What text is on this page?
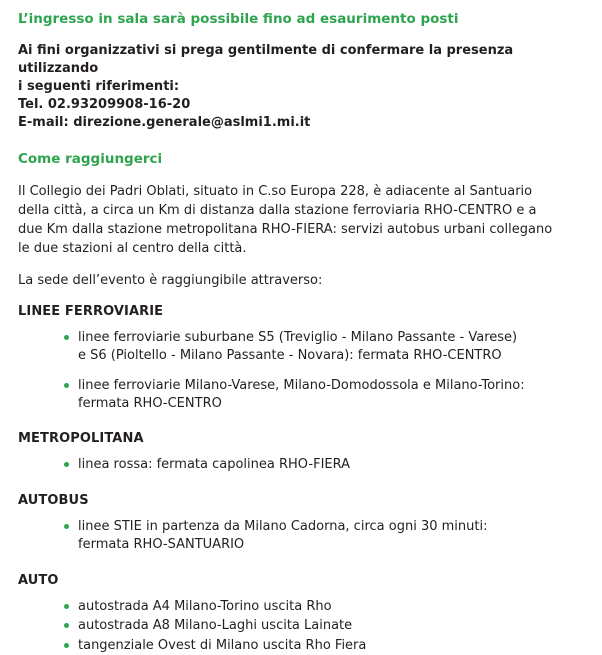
L’ingresso in sala sarà possibile fino ad esaurimento posti

Ai fini organizzativi si prega gentilmente di confermare la presenza utilizzando

i seguenti riferimenti:

Tel. 02.93209908-16-20

E-mail: direzione.generale@aslmi1.mi.it

Come raggiungerci

Il Collegio dei Padri Oblati, situato in C.so Europa 228, è adiacente al Santuario

della città, a circa un Km di distanza dalla stazione ferroviaria RHO-CENTRO e a

due Km dalla stazione metropolitana RHO-FIERA: servizi autobus urbani collegano

le due stazioni al centro della città.

La sede dell’evento è raggiungibile attraverso:

LINEE FERROVIARIE

linee ferroviarie suburbane S5 (Treviglio - Milano Passante - Varese)
e S6 (Pioltello - Milano Passante - Novara): fermata RHO-CENTRO
linee ferroviarie Milano-Varese, Milano-Domodossola e Milano-Torino:
fermata RHO-CENTRO

METROPOLITANA

linea rossa: fermata capolinea RHO-FIERA

AUTOBUS

linee STIE in partenza da Milano Cadorna, circa ogni 30 minuti:
fermata RHO-SANTUARIO

AUTO

autostrada A4 Milano-Torino uscita Rho
autostrada A8 Milano-Laghi uscita Lainate
tangenziale Ovest di Milano uscita Rho Fiera
